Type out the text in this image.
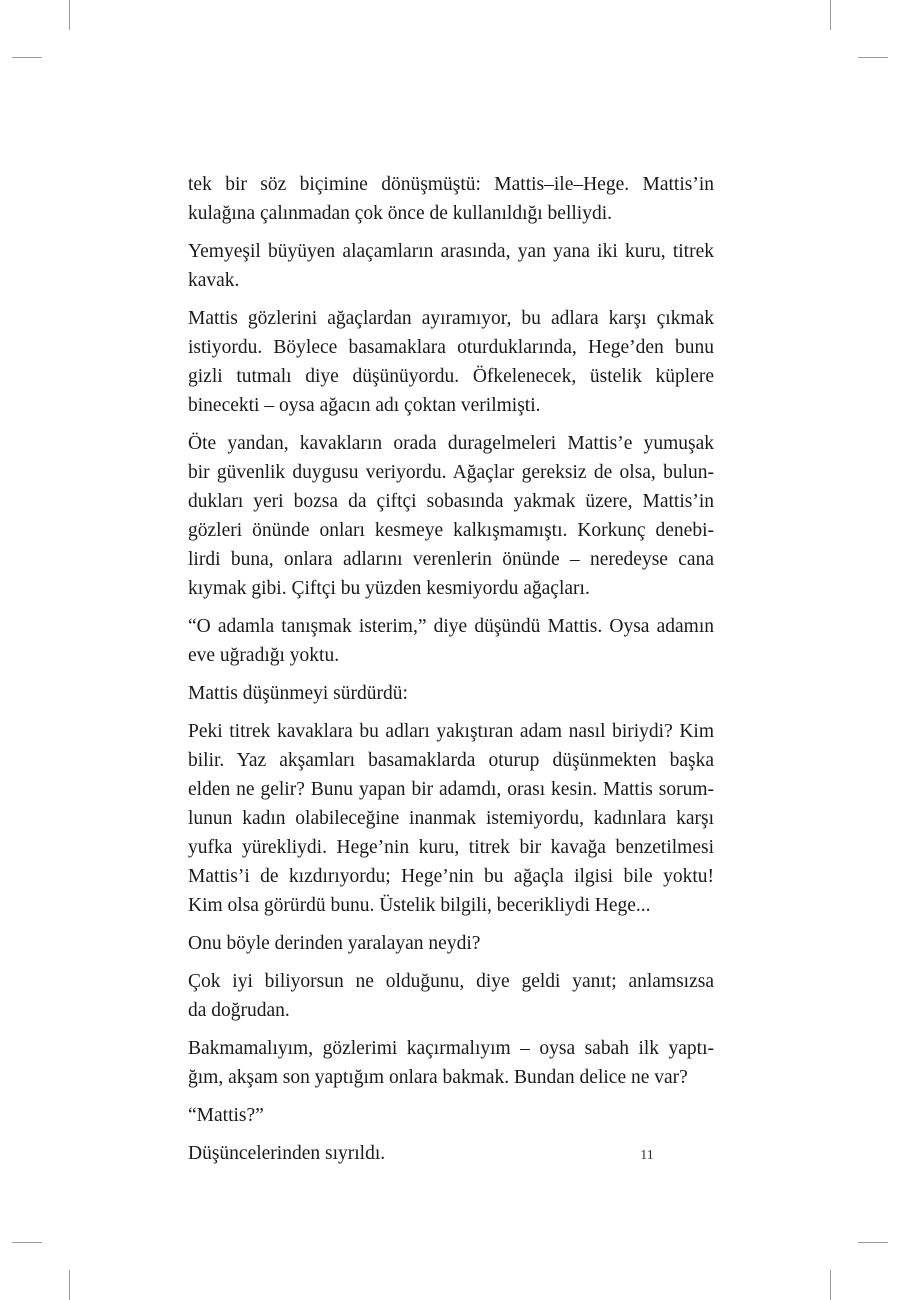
tek bir söz biçimine dönüşmüştü: Mattis–ile–Hege. Mattis’in
kulağına çalınmadan çok önce de kullanıldığı belliydi.

Yemyeşil büyüyen alaçamların arasında, yan yana iki kuru, titrek
kavak.

Mattis gözlerini ağaçlardan ayıramıyor, bu adlara karşı çıkmak
istiyordu. Böylece basamaklara oturduklarında, Hege’den bunu
gizli tutmalı diye düşünüyordu. Öfkelenecek, üstelik küplere
binecekti – oysa ağacın adı çoktan verilmişti.

Öte yandan, kavakların orada duragelmeleri Mattis’e yumuşak
bir güvenlik duygusu veriyordu. Ağaçlar gereksiz de olsa, bulun-
dukları yeri bozsa da çiftçi sobasında yakmak üzere, Mattis’in
gözleri önünde onları kesmeye kalkışmamıştı. Korkunç denebi-
lirdi buna, onlara adlarını verenlerin önünde – neredeyse cana
kıymak gibi. Çiftçi bu yüzden kesmiyordu ağaçları.

“O adamla tanışmak isterim,” diye düşündü Mattis. Oysa adamın
eve uğradığı yoktu.

Mattis düşünmeyi sürdürdü:

Peki titrek kavaklara bu adları yakıştıran adam nasıl biriydi? Kim
bilir. Yaz akşamları basamaklarda oturup düşünmekten başka
elden ne gelir? Bunu yapan bir adamdı, orası kesin. Mattis sorum-
lunun kadın olabileceğine inanmak istemiyordu, kadınlara karşı
yufka yürekliydi. Hege’nin kuru, titrek bir kavağa benzetilmesi
Mattis’i de kızdırıyordu; Hege’nin bu ağaçla ilgisi bile yoktu!
Kim olsa görürdü bunu. Üstelik bilgili, becerikliydi Hege...

Onu böyle derinden yaralayan neydi?

Çok iyi biliyorsun ne olduğunu, diye geldi yanıt; anlamsızsa
da doğrudan.

Bakmamalıyım, gözlerimi kaçırmalıyım – oysa sabah ilk yaptı-
ğım, akşam son yaptığım onlara bakmak. Bundan delice ne var?

“Mattis?”

Düşüncelerinden sıyrıldı.	11
